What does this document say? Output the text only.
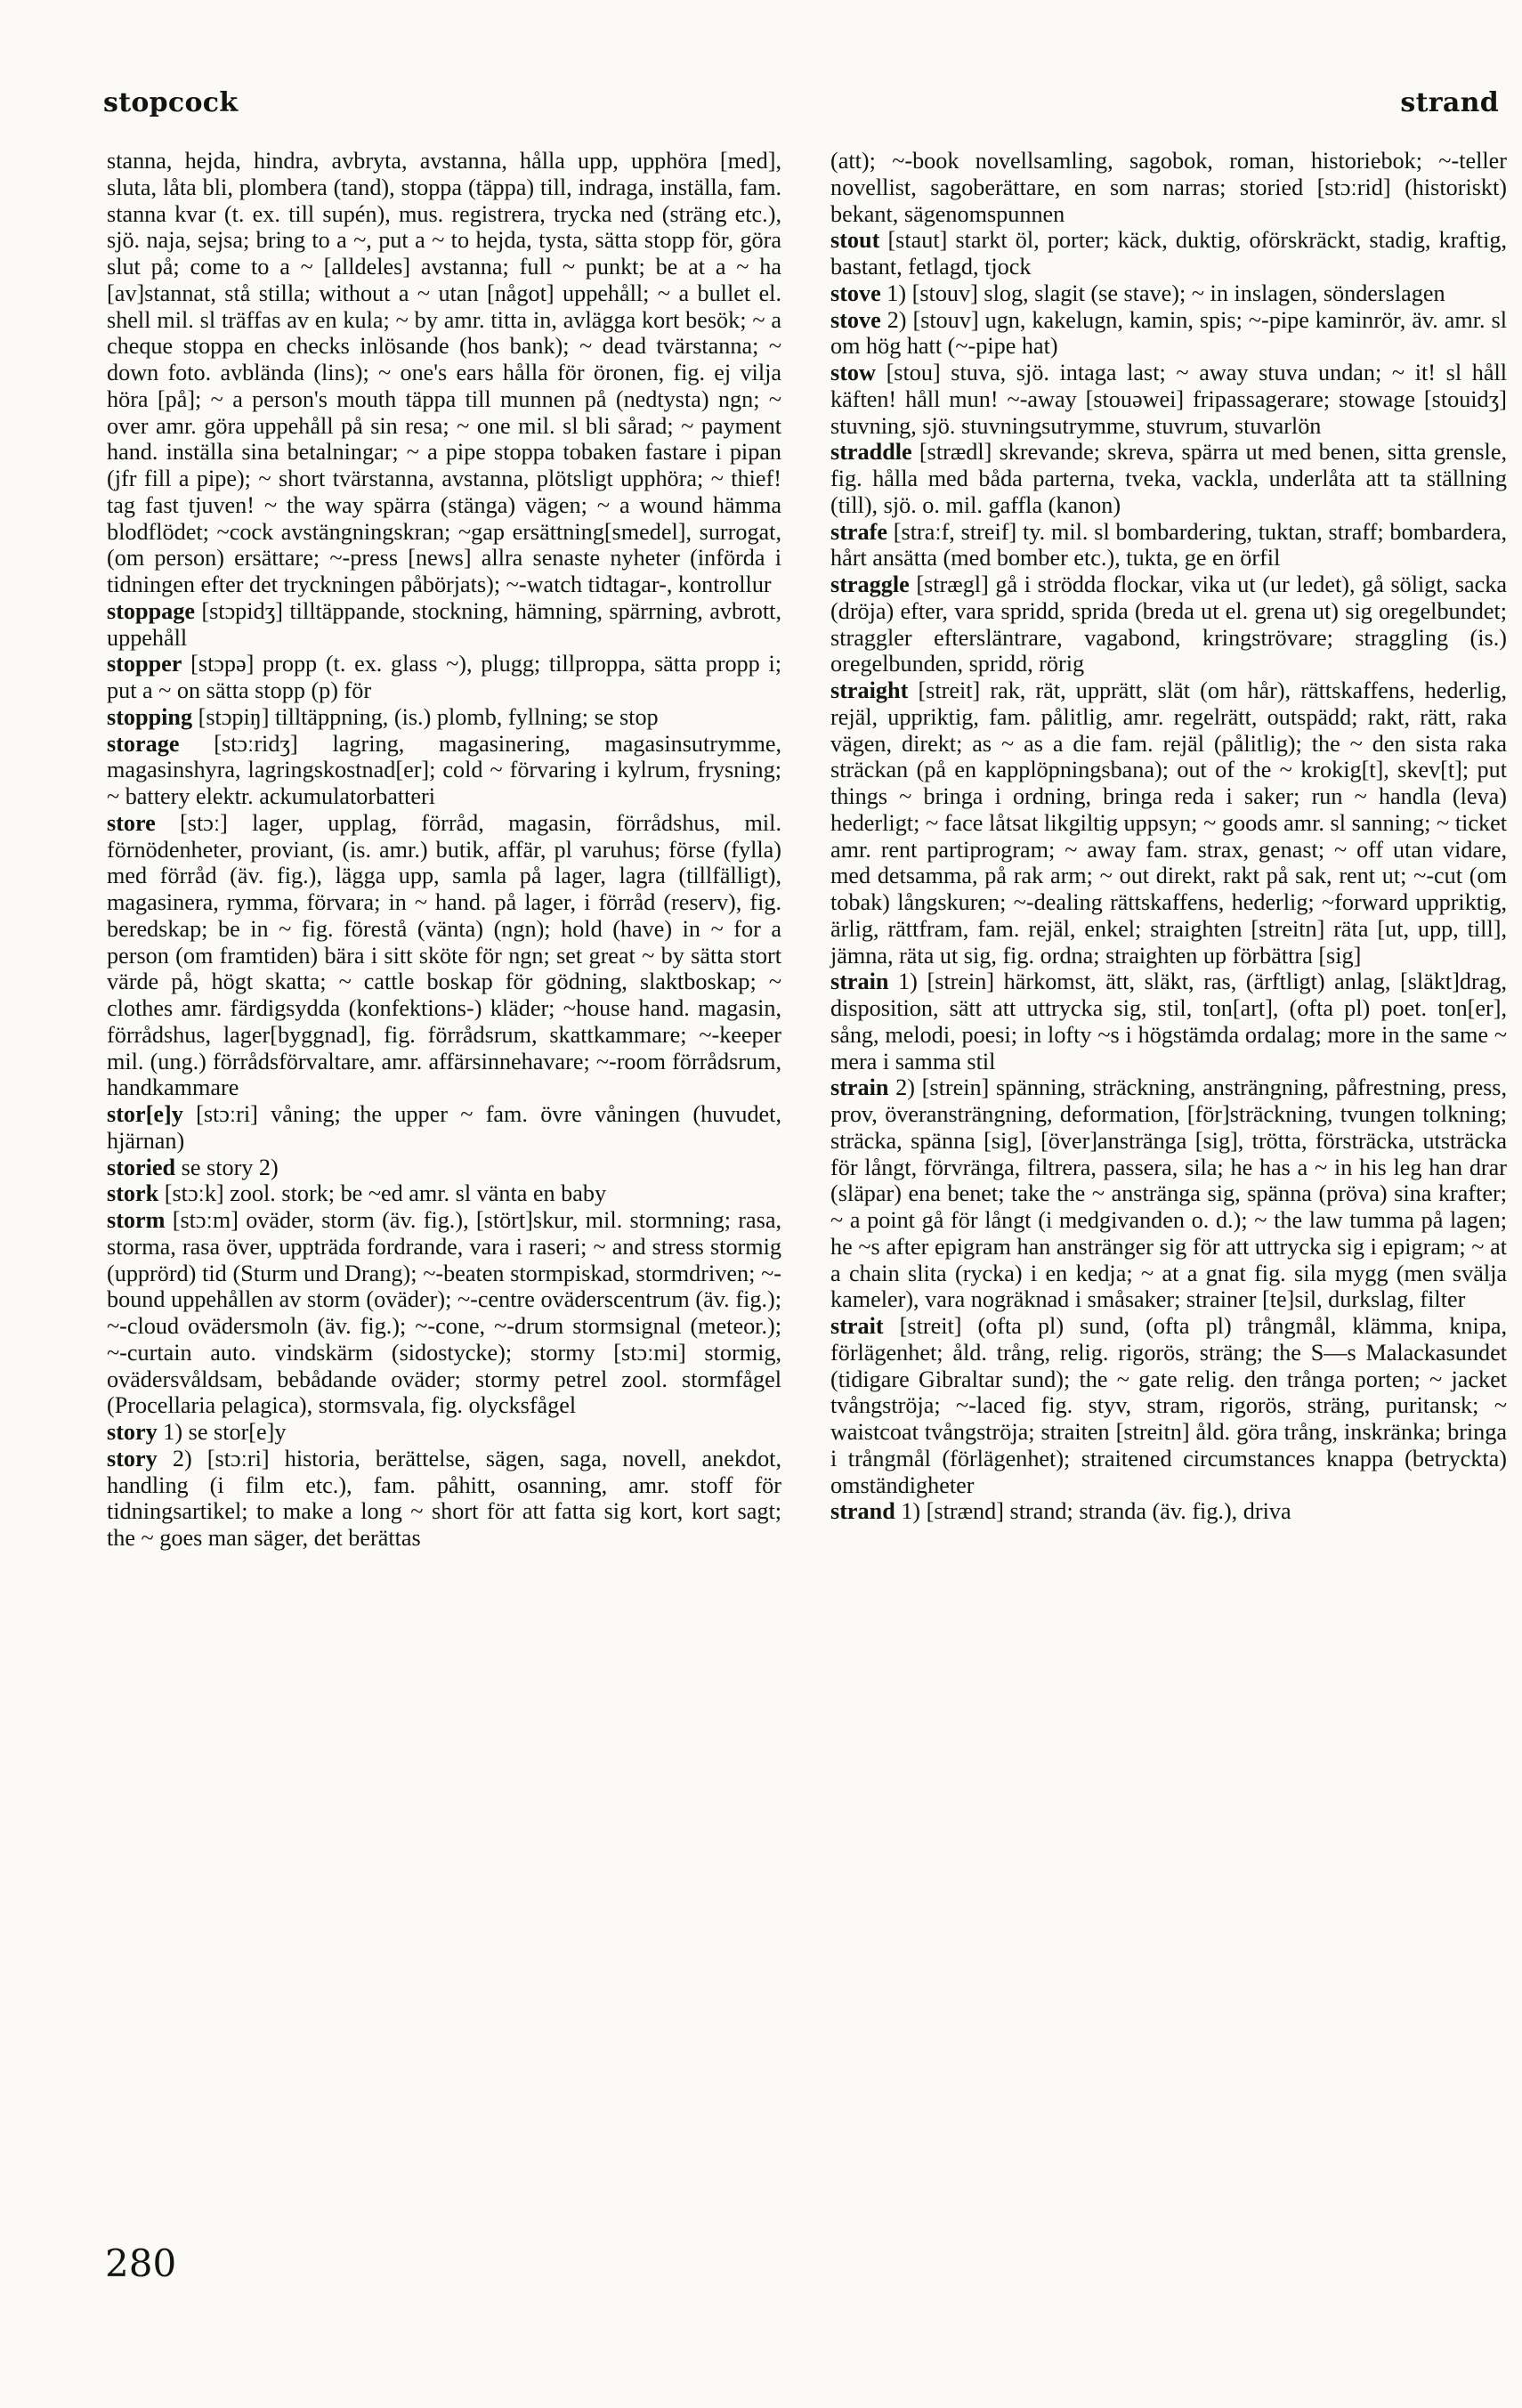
stopcock	strand

stanna, hejda, hindra, avbryta, avstanna, hålla upp, upphöra [med], sluta, låta bli, plombera (tand), stoppa (täppa) till, indraga, inställa, fam. stanna kvar (t. ex. till supén), mus. registrera, trycka ned (sträng etc.), sjö. naja, sejsa; bring to a ~, put a ~ to hejda, tysta, sätta stopp för, göra slut på; come to a ~ [alldeles] avstanna; full ~ punkt; be at a ~ ha [av]stannat, stå stilla; without a ~ utan [något] uppehåll; ~ a bullet el. shell mil. sl träffas av en kula; ~ by amr. titta in, avlägga kort besök; ~ a cheque stoppa en checks inlösande (hos bank); ~ dead tvärstanna; ~ down foto. avblända (lins); ~ one's ears hålla för öronen, fig. ej vilja höra [på]; ~ a person's mouth täppa till munnen på (nedtysta) ngn; ~ over amr. göra uppehåll på sin resa; ~ one mil. sl bli sårad; ~ payment hand. inställa sina betalningar; ~ a pipe stoppa tobaken fastare i pipan (jfr fill a pipe); ~ short tvärstanna, avstanna, plötsligt upphöra; ~ thief! tag fast tjuven! ~ the way spärra (stänga) vägen; ~ a wound hämma blodflödet; ~cock avstängningskran; ~gap ersättning[smedel], surrogat, (om person) ersättare; ~-press [news] allra senaste nyheter (införda i tidningen efter det tryckningen påbörjats); ~-watch tidtagar-, kontrollur

stoppage [stɔpidʒ] tilltäppande, stockning, hämning, spärrning, avbrott, uppehåll

stopper [stɔpə] propp (t. ex. glass ~), plugg; tillproppa, sätta propp i; put a ~ on sätta stopp (p) för

stopping [stɔpiŋ] tilltäppning, (is.) plomb, fyllning; se stop

storage [stɔːridʒ] lagring, magasinering, magasinsutrymme, magasinshyra, lagringskostnad[er]; cold ~ förvaring i kylrum, frysning; ~ battery elektr. ackumulatorbatteri

store [stɔː] lager, upplag, förråd, magasin, förrådshus, mil. förnödenheter, proviant, (is. amr.) butik, affär, pl varuhus; förse (fylla) med förråd (äv. fig.), lägga upp, samla på lager, lagra (tillfälligt), magasinera, rymma, förvara; in ~ hand. på lager, i förråd (reserv), fig. beredskap; be in ~ fig. förestå (vänta) (ngn); hold (have) in ~ for a person (om framtiden) bära i sitt sköte för ngn; set great ~ by sätta stort värde på, högt skatta; ~ cattle boskap för gödning, slaktboskap; ~ clothes amr. färdigsydda (konfektions-) kläder; ~house hand. magasin, förrådshus, lager[byggnad], fig. förrådsrum, skattkammare; ~-keeper mil. (ung.) förrådsförvaltare, amr. affärsinnehavare; ~-room förrådsrum, handkammare

stor[e]y [stɔːri] våning; the upper ~ fam. övre våningen (huvudet, hjärnan)

storied se story 2)

stork [stɔːk] zool. stork; be ~ed amr. sl vänta en baby

storm [stɔːm] oväder, storm (äv. fig.), [stört]skur, mil. stormning; rasa, storma, rasa över, uppträda fordrande, vara i raseri; ~ and stress stormig (upprörd) tid (Sturm und Drang); ~-beaten stormpiskad, stormdriven; ~-bound uppehållen av storm (oväder); ~-centre oväderscentrum (äv. fig.); ~-cloud ovädersmoln (äv. fig.); ~-cone, ~-drum stormsignal (meteor.); ~-curtain auto. vindskärm (sidostycke); stormy [stɔːmi] stormig, ovädersvåldsam, bebådande oväder; stormy petrel zool. stormfågel (Procellaria pelagica), stormsvala, fig. olycksfågel

story 1) se stor[e]y

story 2) [stɔːri] historia, berättelse, sägen, saga, novell, anekdot, handling (i film etc.), fam. påhitt, osanning, amr. stoff för tidningsartikel; to make a long ~ short för att fatta sig kort, kort sagt; the ~ goes man säger, det berättas

(att); ~-book novellsamling, sagobok, roman, historiebok; ~-teller novellist, sagoberättare, en som narras; storied [stɔːrid] (historiskt) bekant, sägenomspunnen

stout [staut] starkt öl, porter; käck, duktig, oförskräckt, stadig, kraftig, bastant, fetlagd, tjock

stove 1) [stouv] slog, slagit (se stave); ~ in inslagen, sönderslagen

stove 2) [stouv] ugn, kakelugn, kamin, spis; ~-pipe kaminrör, äv. amr. sl om hög hatt (~-pipe hat)

stow [stou] stuva, sjö. intaga last; ~ away stuva undan; ~ it! sl håll käften! håll mun! ~-away [stouəwei] fripassagerare; stowage [stouidʒ] stuvning, sjö. stuvningsutrymme, stuvrum, stuvarlön

straddle [strædl] skrevande; skreva, spärra ut med benen, sitta grensle, fig. hålla med båda parterna, tveka, vackla, underlåta att ta ställning (till), sjö. o. mil. gaffla (kanon)

strafe [straːf, streif] ty. mil. sl bombardering, tuktan, straff; bombardera, hårt ansätta (med bomber etc.), tukta, ge en örfil

straggle [strægl] gå i strödda flockar, vika ut (ur ledet), gå söligt, sacka (dröja) efter, vara spridd, sprida (breda ut el. grena ut) sig oregelbundet; straggler eftersläntrare, vagabond, kringströvare; straggling (is.) oregelbunden, spridd, rörig

straight [streit] rak, rät, upprätt, slät (om hår), rättskaffens, hederlig, rejäl, uppriktig, fam. pålitlig, amr. regelrätt, outspädd; rakt, rätt, raka vägen, direkt; as ~ as a die fam. rejäl (pålitlig); the ~ den sista raka sträckan (på en kapplöpningsbana); out of the ~ krokig[t], skev[t]; put things ~ bringa i ordning, bringa reda i saker; run ~ handla (leva) hederligt; ~ face låtsat likgiltig uppsyn; ~ goods amr. sl sanning; ~ ticket amr. rent partiprogram; ~ away fam. strax, genast; ~ off utan vidare, med detsamma, på rak arm; ~ out direkt, rakt på sak, rent ut; ~-cut (om tobak) långskuren; ~-dealing rättskaffens, hederlig; ~forward uppriktig, ärlig, rättfram, fam. rejäl, enkel; straighten [streitn] räta [ut, upp, till], jämna, räta ut sig, fig. ordna; straighten up förbättra [sig]

strain 1) [strein] härkomst, ätt, släkt, ras, (ärftligt) anlag, [släkt]drag, disposition, sätt att uttrycka sig, stil, ton[art], (ofta pl) poet. ton[er], sång, melodi, poesi; in lofty ~s i högstämda ordalag; more in the same ~ mera i samma stil

strain 2) [strein] spänning, sträckning, ansträngning, påfrestning, press, prov, överansträngning, deformation, [för]sträckning, tvungen tolkning; sträcka, spänna [sig], [över]anstränga [sig], trötta, försträcka, utsträcka för långt, förvränga, filtrera, passera, sila; he has a ~ in his leg han drar (släpar) ena benet; take the ~ anstränga sig, spänna (pröva) sina krafter; ~ a point gå för långt (i medgivanden o. d.); ~ the law tumma på lagen; he ~s after epigram han anstränger sig för att uttrycka sig i epigram; ~ at a chain slita (rycka) i en kedja; ~ at a gnat fig. sila mygg (men svälja kameler), vara nogräknad i småsaker; strainer [te]sil, durkslag, filter

strait [streit] (ofta pl) sund, (ofta pl) trångmål, klämma, knipa, förlägenhet; åld. trång, relig. rigorös, sträng; the S—s Malackasundet (tidigare Gibraltar sund); the ~ gate relig. den trånga porten; ~ jacket tvångströja; ~-laced fig. styv, stram, rigorös, sträng, puritansk; ~ waistcoat tvångströja; straiten [streitn] åld. göra trång, inskränka; bringa i trångmål (förlägenhet); straitened circumstances knappa (betryckta) omständigheter

strand 1) [strænd] strand; stranda (äv. fig.), driva

280
